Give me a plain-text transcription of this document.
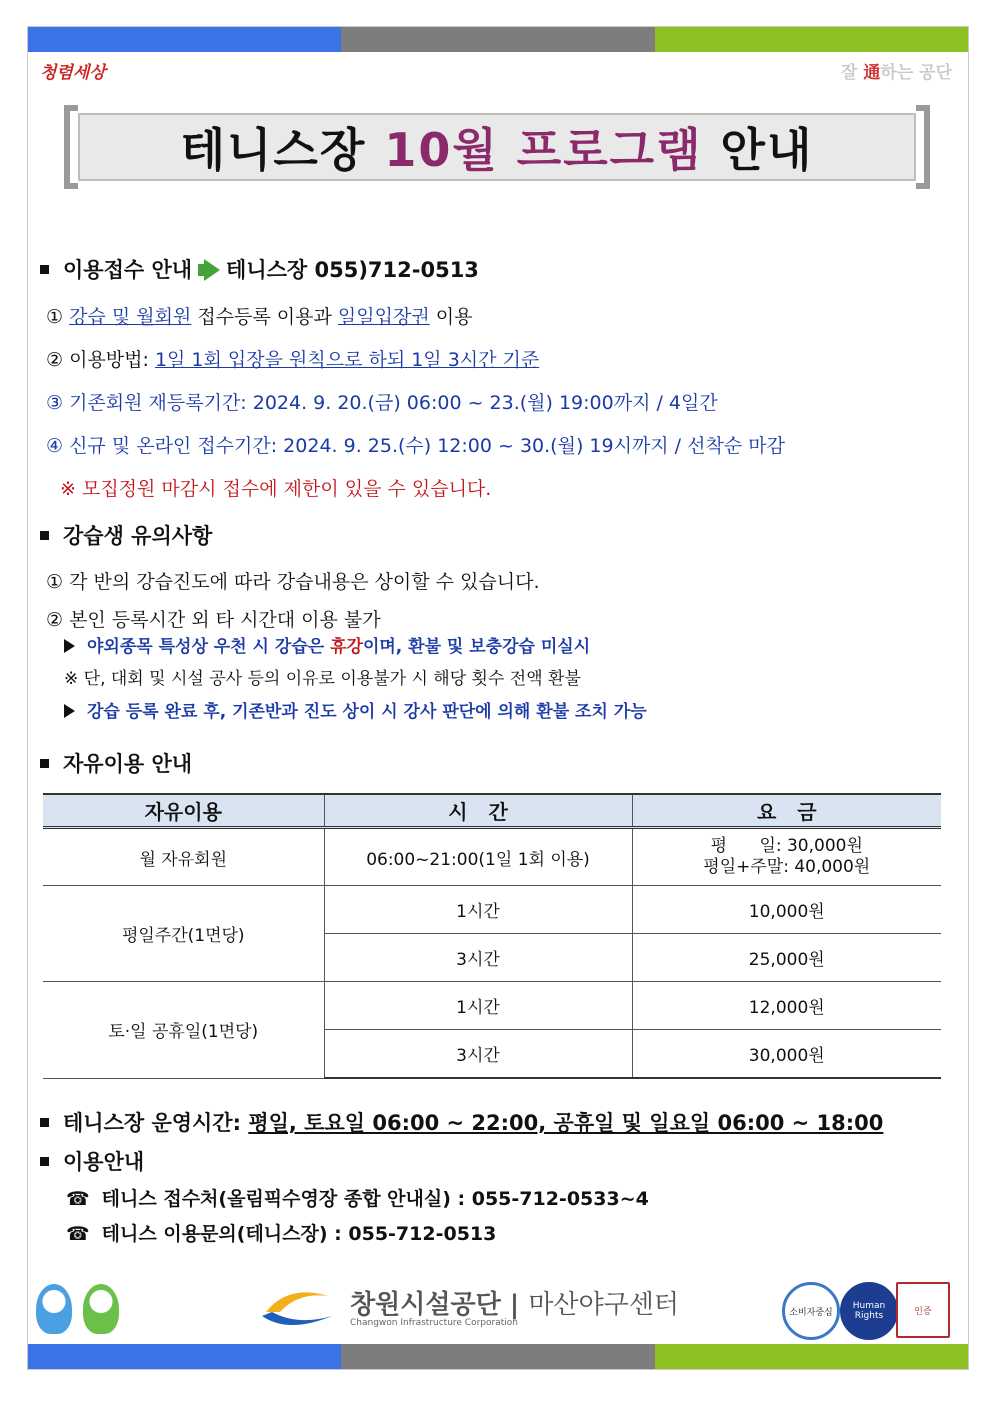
청렴세상	잘 通하는 공단
테니스장 10월 프로그램 안내
이용접수 안내 테니스장 055)712-0513
① 강습 및 월회원 접수등록 이용과 일일입장권 이용
② 이용방법: 1일 1회 입장을 원칙으로 하되 1일 3시간 기준
③ 기존회원 재등록기간: 2024. 9. 20.(금) 06:00 ~ 23.(월) 19:00까지 / 4일간
④ 신규 및 온라인 접수기간: 2024. 9. 25.(수) 12:00 ~ 30.(월) 19시까지 / 선착순 마감
※ 모집정원 마감시 접수에 제한이 있을 수 있습니다.
강습생 유의사항
① 각 반의 강습진도에 따라 강습내용은 상이할 수 있습니다.
② 본인 등록시간 외 타 시간대 이용 불가
야외종목 특성상 우천 시 강습은 휴강이며, 환불 및 보충강습 미실시
※ 단, 대회 및 시설 공사 등의 이유로 이용불가 시 해당 횟수 전액 환불
강습 등록 완료 후, 기존반과 진도 상이 시 강사 판단에 의해 환불 조치 가능
자유이용 안내
자유이용	시   간	요   금
월 자유회원	06:00~21:00(1일 1회 이용)	평      일: 30,000원
평일+주말: 40,000원

평일주간(1면당)	1시간	10,000원
	3시간	25,000원
토·일 공휴일(1면당)	1시간	12,000원
	3시간	30,000원
테니스장 운영시간: 평일, 토요일 06:00 ~ 22:00, 공휴일 및 일요일 06:00 ~ 18:00
이용안내
☎ 테니스 접수처(올림픽수영장 종합 안내실) : 055-712-0533~4
☎ 테니스 이용문의(테니스장) : 055-712-0513
창원시설공단 | 마산야구센터
Changwon Infrastructure Corporation
소비자중심
Human Rights	인증
